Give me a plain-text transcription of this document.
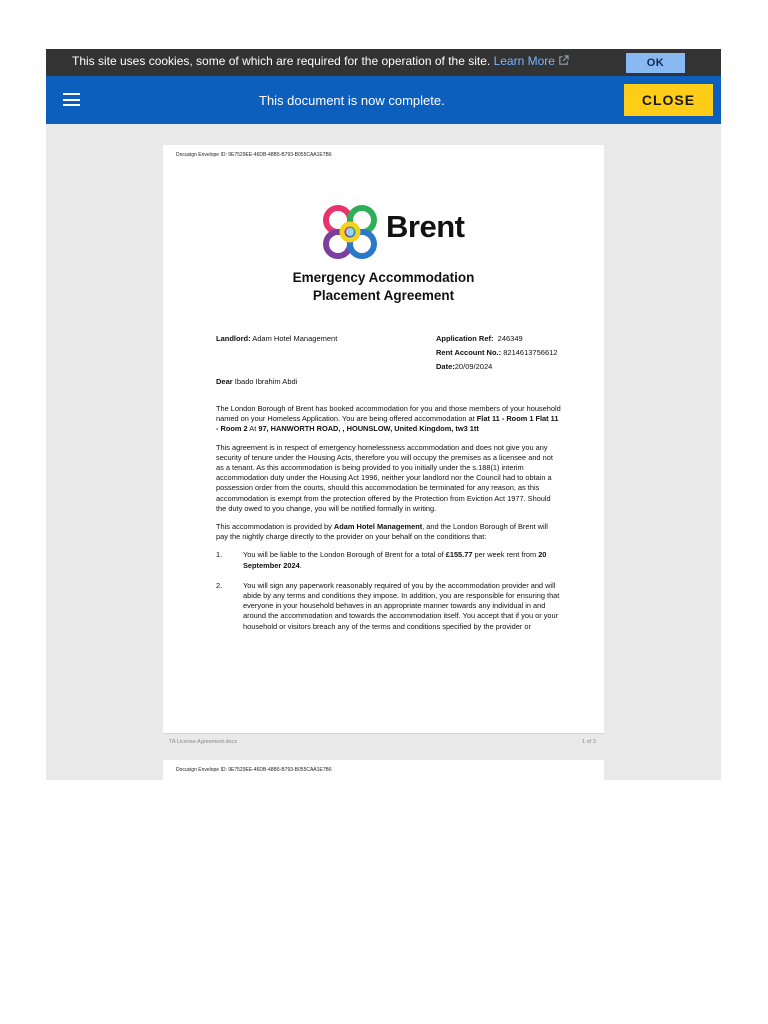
This site uses cookies, some of which are required for the operation of the site. Learn More	OK
This document is now complete.	CLOSE
Docusign Envelope ID: 9E7529EE-46DB-48B5-B793-B055CAA1E7B6
Brent
Emergency Accommodation
Placement Agreement
Landlord: Adam Hotel Management	Application Ref: 246349
Rent Account No.: 8214613756612
Date:20/09/2024
Dear Ibado Ibrahim Abdi

The London Borough of Brent has booked accommodation for you and those members of your household named on your Homeless Application. You are being offered accommodation at Flat 11 - Room 1 Flat 11 - Room 2 At 97, HANWORTH ROAD, , HOUNSLOW, United Kingdom, tw3 1tt

This agreement is in respect of emergency homelessness accommodation and does not give you any security of tenure under the Housing Acts, therefore you will occupy the premises as a licensee and not as a tenant. As this accommodation is being provided to you initially under the s.188(1) interim accommodation duty under the Housing Act 1996, neither your landlord nor the Council had to obtain a possession order from the courts, should this accommodation be terminated for any reason, as this accommodation is exempt from the protection offered by the Protection from Eviction Act 1977. Should the duty owed to you change, you will be notified formally in writing.

This accommodation is provided by Adam Hotel Management, and the London Borough of Brent will pay the nightly charge directly to the provider on your behalf on the conditions that:

1.	You will be liable to the London Borough of Brent for a total of £155.77 per week rent from 20 September 2024.
2.	You will sign any paperwork reasonably required of you by the accommodation provider and will abide by any terms and conditions they impose. In addition, you are responsible for ensuring that everyone in your household behaves in an appropriate manner towards any individual in and around the accommodation and towards the accommodation itself. You accept that if you or your household or visitors breach any of the terms and conditions specified by the provider or
TA License Agreement.docx	1 of 3
Docusign Envelope ID: 9E7529EE-46DB-48B5-B793-B055CAA1E7B6
